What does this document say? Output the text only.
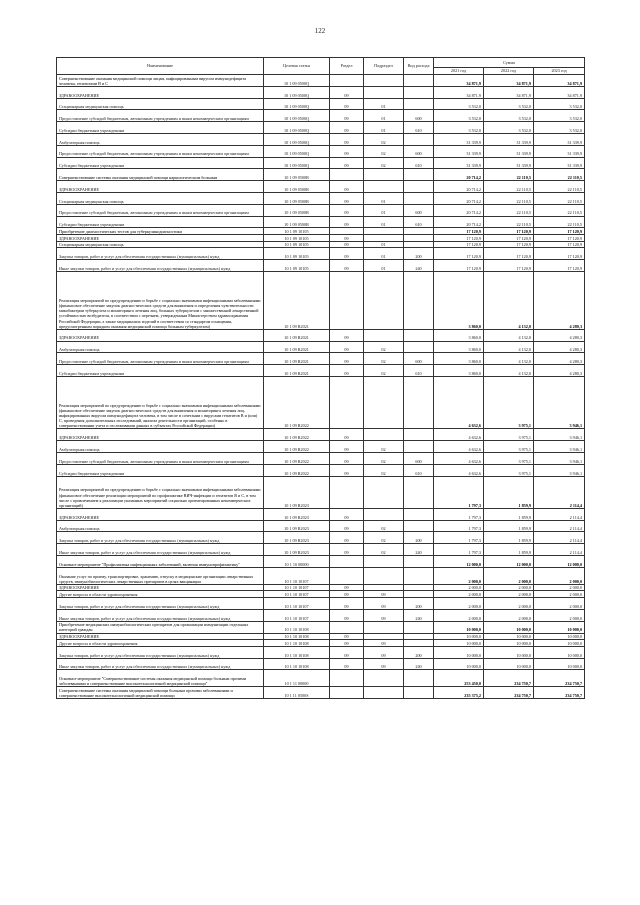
122
Наименование	Целевая статья	Раздел	Подраздел	Вид расхода	Сумма		
					2021 год	2022 год	2023 год
Совершенствование оказания медицинской помощи лицам, инфицированным вирусом иммунодефицита человека, гепатитами В и С	10 1 09 0500Q				34 871,9	34 871,9	34 871,9
ЗДРАВООХРАНЕНИЕ	10 1 09 0500Q	09			34 871,9	34 871,9	34 871,9
Стационарная медицинская помощь	10 1 09 0500Q	09	01		3 532,0	3 532,0	3 532,0
Предоставление субсидий бюджетным, автономным учреждениям и иным некоммерческим организациям	10 1 09 0500Q	09	01	600	3 532,0	3 532,0	3 532,0
Субсидии бюджетным учреждениям	10 1 09 0500Q	09	01	610	3 532,0	3 532,0	3 532,0
Амбулаторная помощь	10 1 09 0500Q	09	02		31 339,9	31 339,9	31 339,9
Предоставление субсидий бюджетным, автономным учреждениям и иным некоммерческим организациям	10 1 09 0500Q	09	02	600	31 339,9	31 339,9	31 339,9
Субсидии бюджетным учреждениям	10 1 09 0500Q	09	02	610	31 339,9	31 339,9	31 339,9
Совершенствование системы оказания медицинской помощи наркологическим больным	10 1 09 0500R				20 714,2	22 110,5	22 110,5
ЗДРАВООХРАНЕНИЕ	10 1 09 0500R	09			20 714,2	22 110,5	22 110,5
Стационарная медицинская помощь	10 1 09 0500R	09	01		20 714,2	22 110,5	22 110,5
Предоставление субсидий бюджетным, автономным учреждениям и иным некоммерческим организациям	10 1 09 0500R	09	01	600	20 714,2	22 110,5	22 110,5
Субсидии бюджетным учреждениям	10 1 09 0500R	09	01	610	20 714,2	22 110,5	22 110,5
Приобретение диагностических тестов для туберкулинодиагностики	10 1 09 10105				17 120,9	17 120,9	17 120,9
ЗДРАВООХРАНЕНИЕ	10 1 09 10105	09			17 120,9	17 120,9	17 120,9
Стационарная медицинская помощь	10 1 09 10105	09	01		17 120,9	17 120,9	17 120,9
Закупка товаров, работ и услуг для обеспечения государственных (муниципальных) нужд	10 1 09 10105	09	01	200	17 120,9	17 120,9	17 120,9
Иные закупки товаров, работ и услуг для обеспечения государственных (муниципальных) нужд	10 1 09 10105	09	01	240	17 120,9	17 120,9	17 120,9
Реализация мероприятий по предупреждению и борьбе с социально значимыми инфекционными заболеваниями (финансовое обеспечение закупок диагностических средств для выявления и определения чувствительности микобактерии туберкулеза и мониторинга лечения лиц, больных туберкулезом с множественной лекарственной устойчивостью возбудителя, в соответствии с перечнем, утвержденным Министерством здравоохранения Российской Федерации, а также медицинских изделий в соответствии со стандартом оснащения, предусмотренным порядком оказания медицинской помощи больным туберкулезом)	10 1 09 R2021				3 860,0	4 132,0	4 280,3
ЗДРАВООХРАНЕНИЕ	10 1 09 R2021	09			3 860,0	4 132,0	4 280,3
Амбулаторная помощь	10 1 09 R2021	09	02		3 860,0	4 132,0	4 280,3
Предоставление субсидий бюджетным, автономным учреждениям и иным некоммерческим организациям	10 1 09 R2021	09	02	600	3 860,0	4 132,0	4 280,3
Субсидии бюджетным учреждениям	10 1 09 R2021	09	02	610	3 860,0	4 132,0	4 280,3
Реализация мероприятий по предупреждению и борьбе с социально значимыми инфекционными заболеваниями (финансовое обеспечение закупок диагностических средств для выявления и мониторинга лечения лиц, инфицированных вирусом иммунодефицита человека, в том числе в сочетании с вирусами гепатитов В и (или) С, проведения дополнительных исследований, анализа деятельности организаций, особенно в совершенствовании учета и отслеживании данных в субъектах Российской Федерации)	10 1 09 R2022				4 632,6	3 975,1	3 946,1
ЗДРАВООХРАНЕНИЕ	10 1 09 R2022	09			4 632,6	3 975,1	3 946,1
Амбулаторная помощь	10 1 09 R2022	09	02		4 632,6	3 975,1	3 946,1
Предоставление субсидий бюджетным, автономным учреждениям и иным некоммерческим организациям	10 1 09 R2022	09	02	600	4 632,6	3 975,1	3 946,1
Субсидии бюджетным учреждениям	10 1 09 R2022	09	02	610	4 632,6	3 975,1	3 946,1
Реализация мероприятий по предупреждению и борьбе с социально значимыми инфекционными заболеваниями (финансовое обеспечение реализации мероприятий по профилактике ВИЧ-инфекции и гепатитов В и С, в том числе с привлечением к реализации указанных мероприятий социально ориентированных некоммерческих организаций)	10 1 09 R2023				1 797,3	1 859,9	2 114,4
ЗДРАВООХРАНЕНИЕ	10 1 09 R2023	09			1 797,3	1 859,9	2 114,4
Амбулаторная помощь	10 1 09 R2023	09	02		1 797,3	1 859,9	2 114,4
Закупка товаров, работ и услуг для обеспечения государственных (муниципальных) нужд	10 1 09 R2023	09	02	200	1 797,3	1 859,9	2 114,4
Иные закупки товаров, работ и услуг для обеспечения государственных (муниципальных) нужд	10 1 09 R2023	09	02	240	1 797,3	1 859,9	2 114,4
Основное мероприятие "Профилактика инфекционных заболеваний, включая иммунопрофилактику"	10 1 10 00000				12 000,0	12 000,0	12 000,0
Оказание услуг по приему, транспортировке, хранению, отпуску в медицинские организации лекарственных средств, иммунобиологических лекарственных препаратов в целях вакцинации	10 1 10 10107				2 000,0	2 000,0	2 000,0
ЗДРАВООХРАНЕНИЕ	10 1 10 10107	09			2 000,0	2 000,0	2 000,0
Другие вопросы в области здравоохранения	10 1 10 10107	09	09		2 000,0	2 000,0	2 000,0
Закупка товаров, работ и услуг для обеспечения государственных (муниципальных) нужд	10 1 10 10107	09	09	200	2 000,0	2 000,0	2 000,0
Иные закупки товаров, работ и услуг для обеспечения государственных (муниципальных) нужд	10 1 10 10107	09	09	240	2 000,0	2 000,0	2 000,0
Приобретение медицинских иммунобиологических препаратов для организации иммунизации отдельных категорий граждан	10 1 10 10108				10 000,0	10 000,0	10 000,0
ЗДРАВООХРАНЕНИЕ	10 1 10 10108	09			10 000,0	10 000,0	10 000,0
Другие вопросы в области здравоохранения	10 1 10 10108	09	09		10 000,0	10 000,0	10 000,0
Закупка товаров, работ и услуг для обеспечения государственных (муниципальных) нужд	10 1 10 10108	09	09	200	10 000,0	10 000,0	10 000,0
Иные закупки товаров, работ и услуг для обеспечения государственных (муниципальных) нужд	10 1 10 10108	09	09	240	10 000,0	10 000,0	10 000,0
Основное мероприятие "Совершенствование системы оказания медицинской помощи больным прочими заболеваниями и совершенствование высокотехнологичной медицинской помощи"	10 1 11 00000				253 450,0	234 750,7	234 750,7
Совершенствование системы оказания медицинской помощи больным прочими заболеваниями и совершенствование высокотехнологичной медицинской помощи	10 1 11 0500S				235 375,2	234 750,7	234 750,7
